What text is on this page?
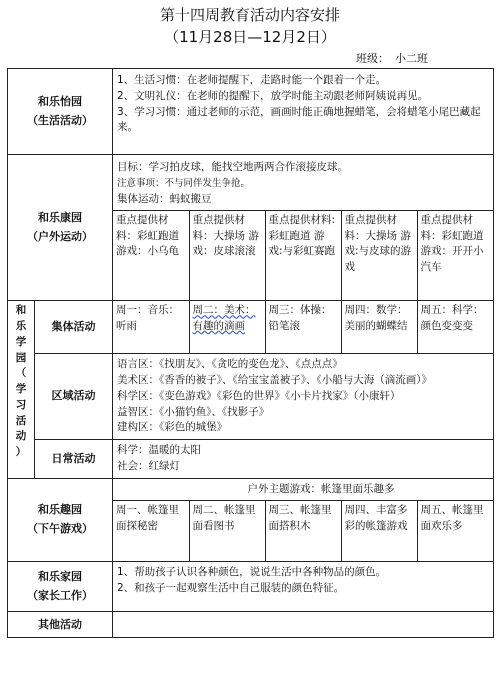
第十四周教育活动内容安排
（11月28日—12月2日）
班级： 小二班
和乐怡园
（生活活动）

1、生活习惯：在老师提醒下，走路时能一个跟着一个走。
2、文明礼仪：在老师的提醒下，放学时能主动跟老师阿姨说再见。
3、学习习惯：通过老师的示范，画画时能正确地握蜡笔，会将蜡笔小尾巴藏起来。

和乐康园
（户外运动）

目标：学习拍皮球，能找空地两两合作滚接皮球。
注意事项：不与同伴发生争抢。
集体运动：蚂蚁搬豆
重点提供材料：彩虹跑道 游戏：小乌龟	重点提供材料：大操场 游戏：皮球滚滚	重点提供材料:彩虹跑道 游戏:与彩虹赛跑	重点提供材料：大操场 游戏:与皮球的游戏	重点提供材料：彩虹跑道 游戏：开开小汽车

和
乐
学
园
（
学
习
活
动
）
	集体活动	
周一：音乐：听雨	周二：美术：有趣的滴画	周三：体操：铅笔滚	周四：数学：美丽的蝴蝶结	周五：科学：颜色变变变

区域活动	
语言区：《找朋友》、《贪吃的变色龙》、《点点点》
美术区：《香香的被子》、《给宝宝盖被子》、《小船与大海（滴流画）》
科学区：《变色游戏》《彩色的世界》《小卡片找家》（小康轩）
益智区：《小猫钓鱼》、《找影子》
建构区：《彩色的城堡》

日常活动	
科学：温暖的太阳
社会：红绿灯

和乐趣园
（下午游戏）

户外主题游戏：帐篷里面乐趣多
周一、帐篷里面探秘密	周二、帐篷里面看图书	周三、帐篷里面搭积木	周四、丰富多彩的帐篷游戏	周五、帐篷里面欢乐多

和乐家园
（家长工作）

1、帮助孩子认识各种颜色，说说生活中各种物品的颜色。
2、和孩子一起观察生活中自己服装的颜色特征。

其他活动	
